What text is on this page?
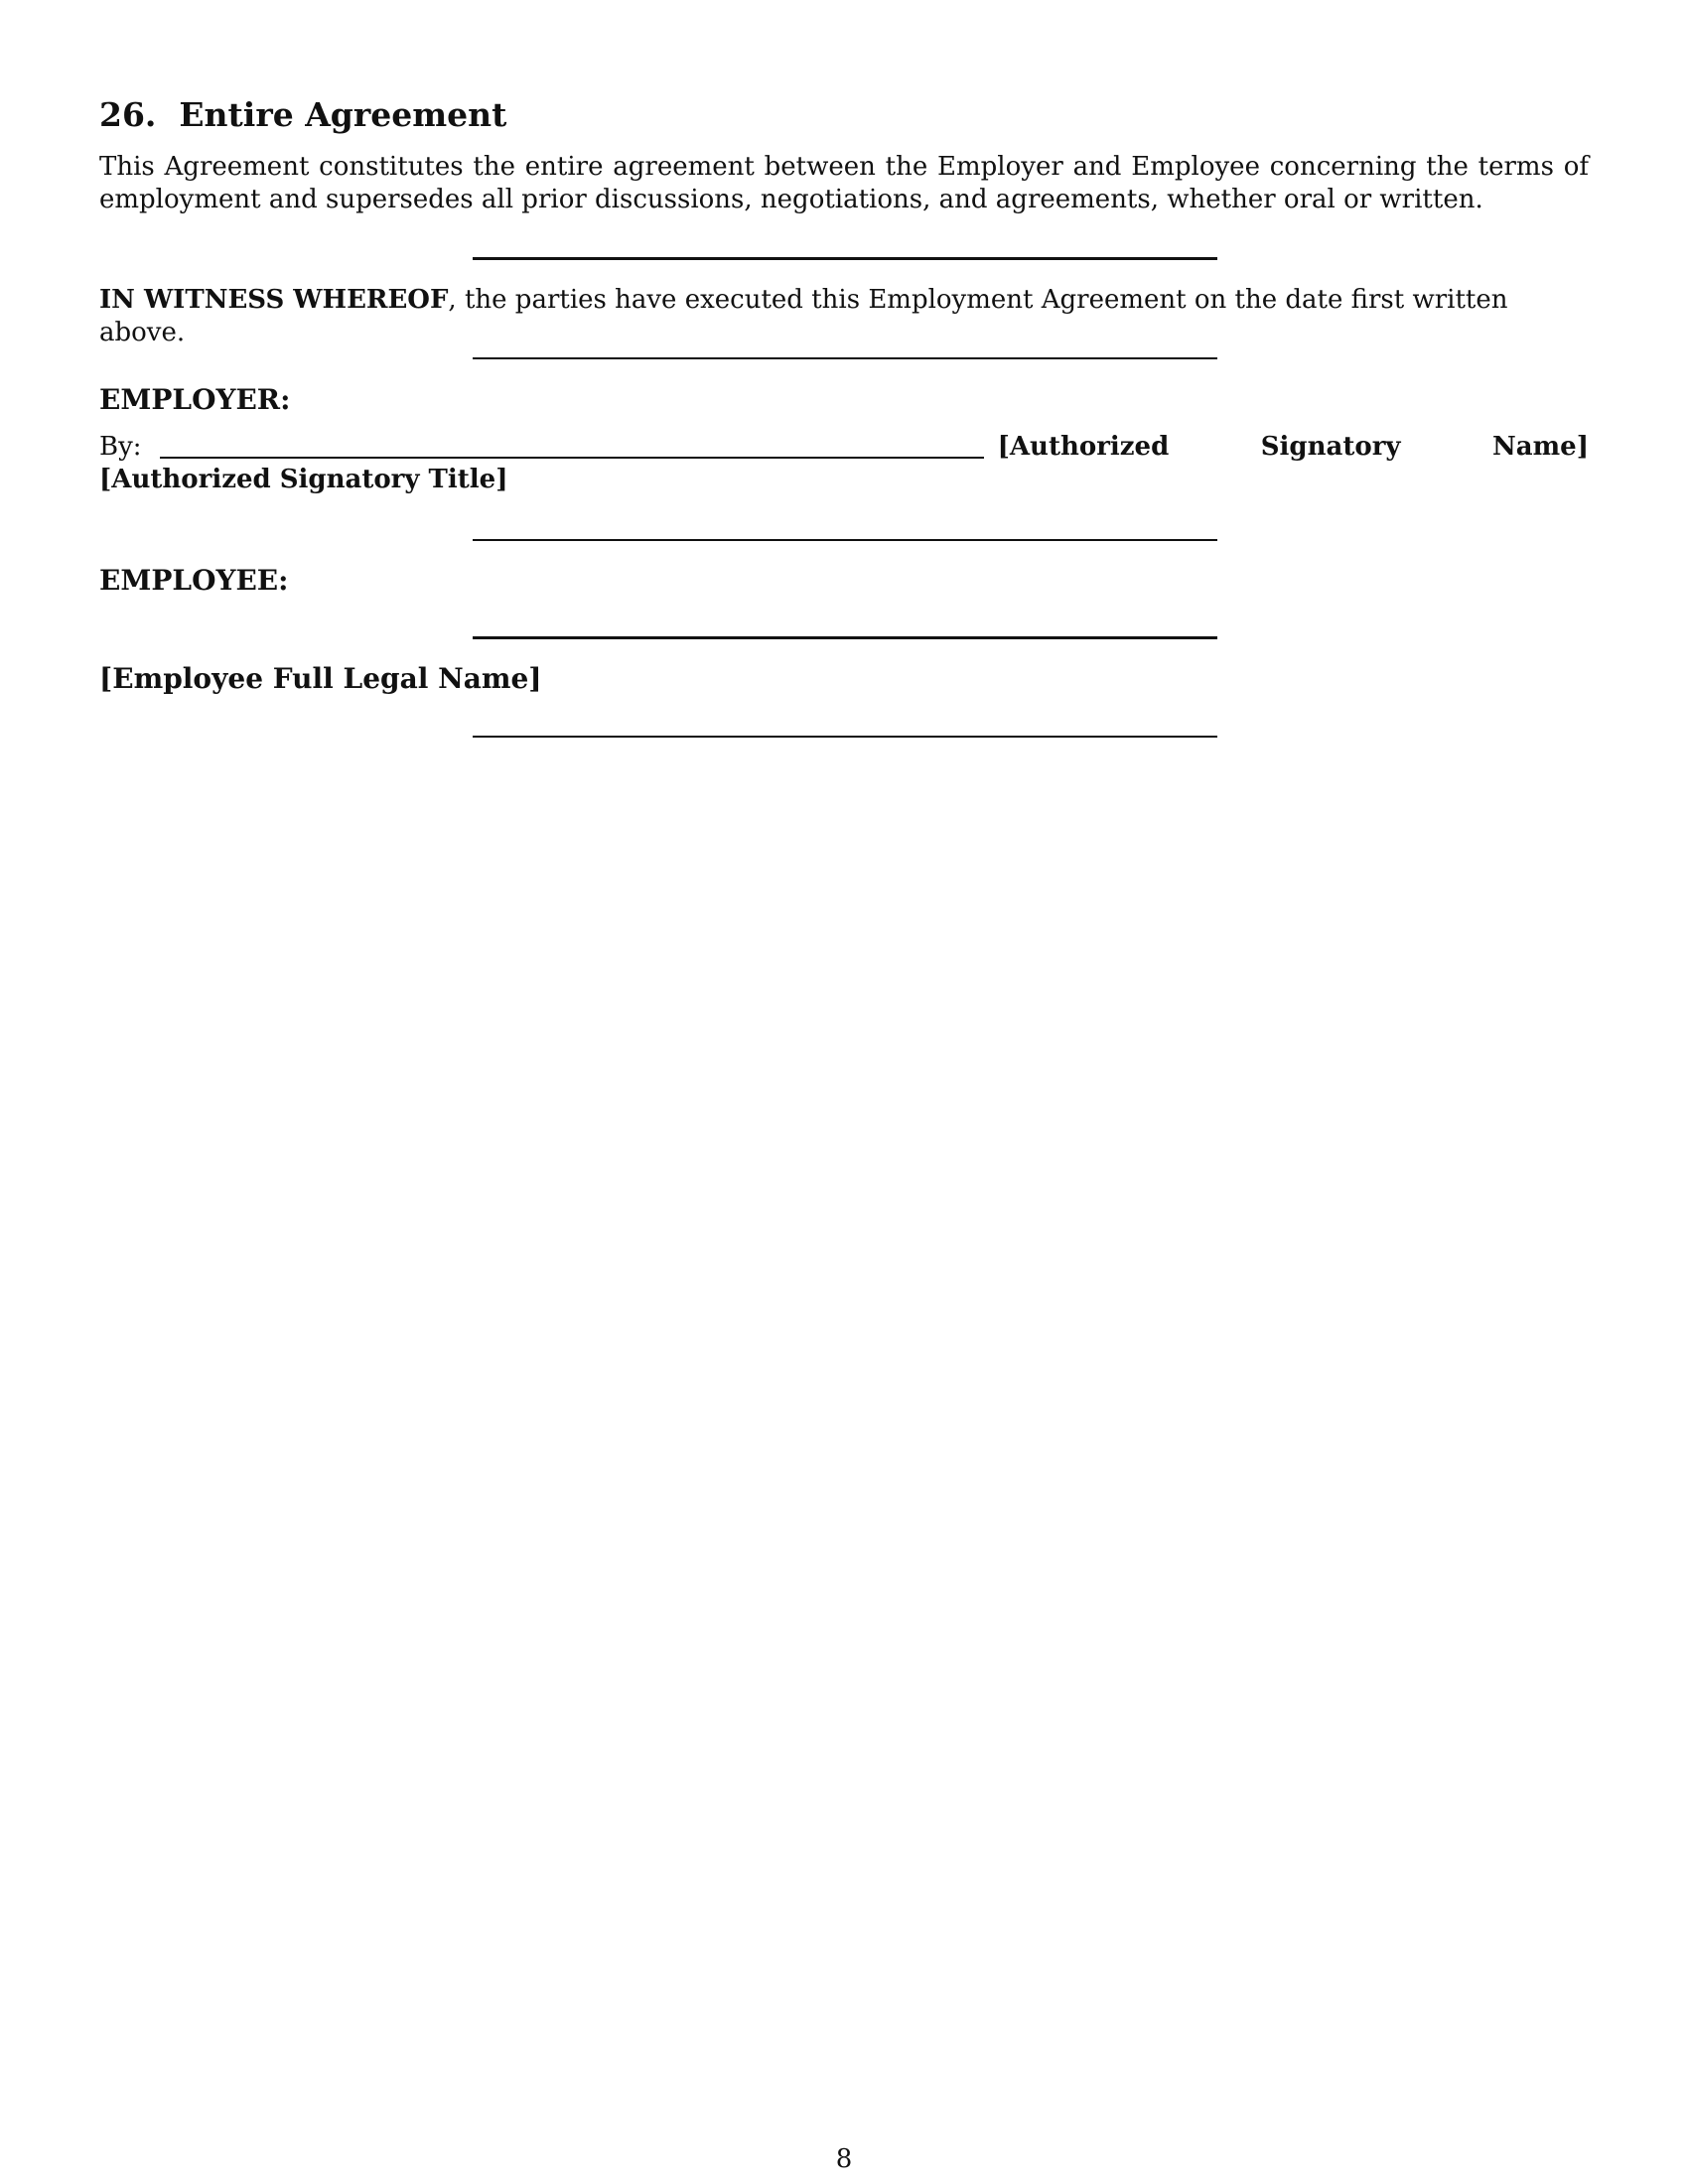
26. Entire Agreement

This Agreement constitutes the entire agreement between the Employer and Employee concerning the terms of employment and supersedes all prior discussions, negotiations, and agreements, whether oral or written.

IN WITNESS WHEREOF, the parties have executed this Employment Agreement on the date first written above.

EMPLOYER:

By:	[Authorized Signatory Name] [Authorized Signatory Title]

EMPLOYEE:

[Employee Full Legal Name]

8
